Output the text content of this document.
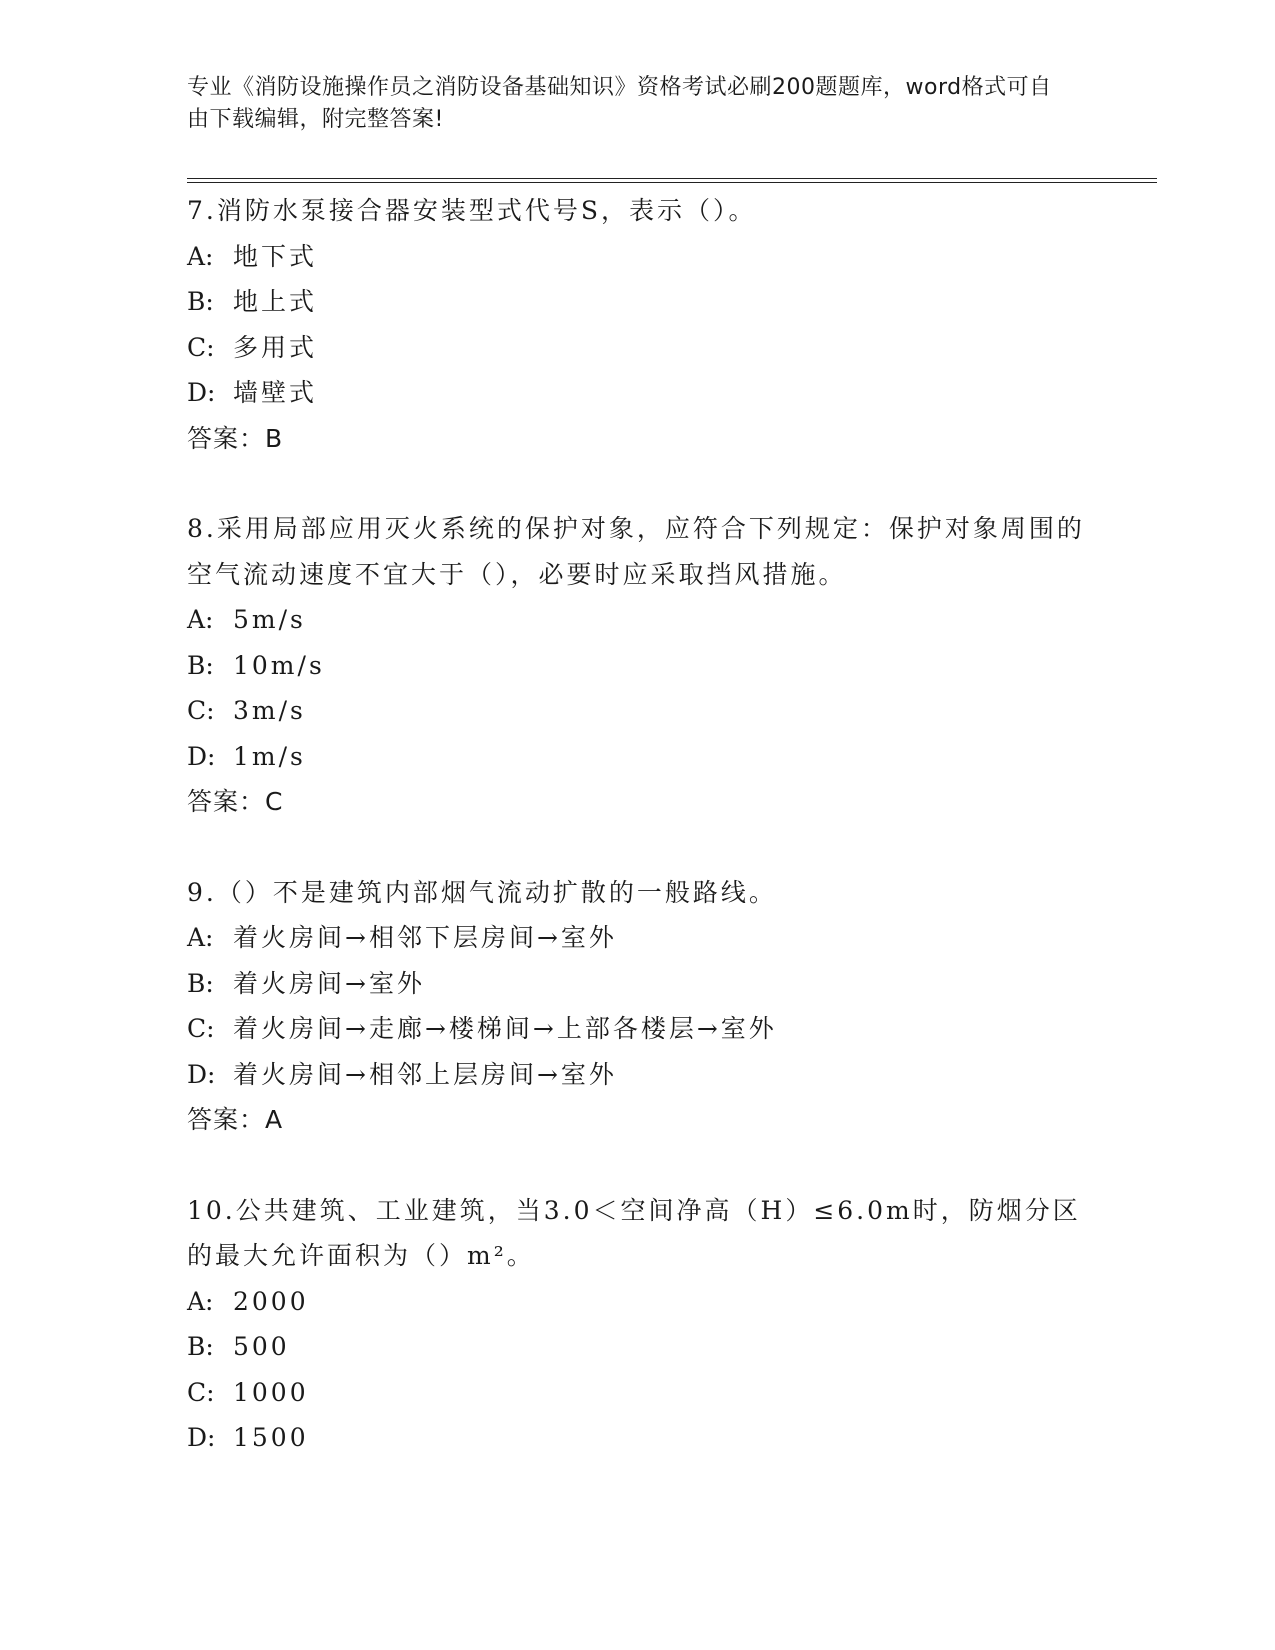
专业《消防设施操作员之消防设备基础知识》资格考试必刷200题题库，word格式可自由下载编辑，附完整答案!

7.消防水泵接合器安装型式代号S，表示（）。

A: 地下式

B: 地上式

C: 多用式

D: 墙壁式

答案：B

8.采用局部应用灭火系统的保护对象，应符合下列规定：保护对象周围的空气流动速度不宜大于（），必要时应采取挡风措施。

A: 5m/s

B: 10m/s

C: 3m/s

D: 1m/s

答案：C

9.（）不是建筑内部烟气流动扩散的一般路线。

A: 着火房间→相邻下层房间→室外

B: 着火房间→室外

C: 着火房间→走廊→楼梯间→上部各楼层→室外

D: 着火房间→相邻上层房间→室外

答案：A

10.公共建筑、工业建筑，当3.0＜空间净高（H）≤6.0m时，防烟分区的最大允许面积为（）m²。

A: 2000

B: 500

C: 1000

D: 1500
